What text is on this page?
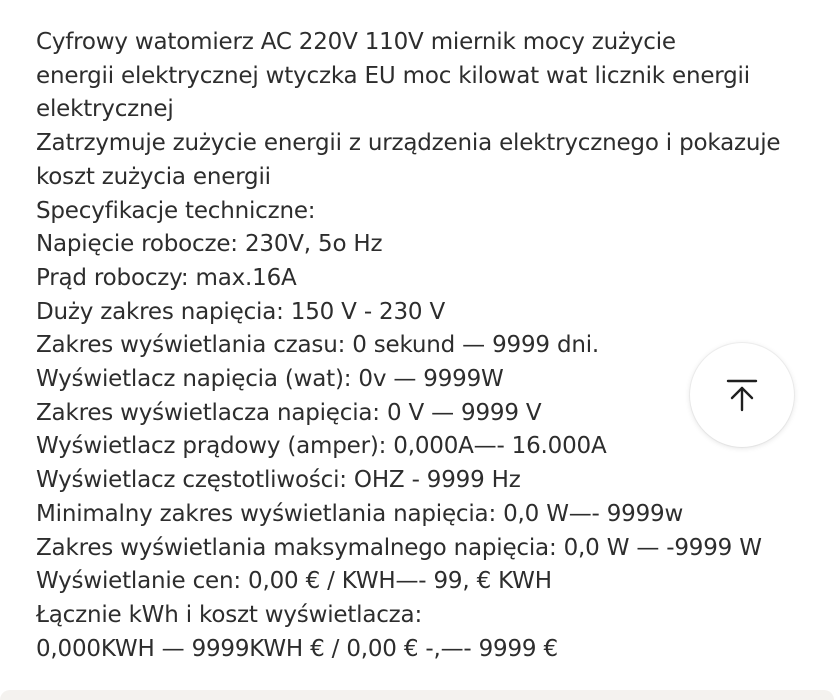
Cyfrowy watomierz AC 220V 110V miernik mocy zużycie
energii elektrycznej wtyczka EU moc kilowat wat licznik energii
elektrycznej
Zatrzymuje zużycie energii z urządzenia elektrycznego i pokazuje
koszt zużycia energii
Specyfikacje techniczne:
Napięcie robocze: 230V, 5o Hz
Prąd roboczy: max.16A
Duży zakres napięcia: 150 V - 230 V
Zakres wyświetlania czasu: 0 sekund — 9999 dni.
Wyświetlacz napięcia (wat): 0v — 9999W
Zakres wyświetlacza napięcia: 0 V — 9999 V
Wyświetlacz prądowy (amper): 0,000A—- 16.000A
Wyświetlacz częstotliwości: OHZ - 9999 Hz
Minimalny zakres wyświetlania napięcia: 0,0 W—- 9999w
Zakres wyświetlania maksymalnego napięcia: 0,0 W — -9999 W
Wyświetlanie cen: 0,00 € / KWH—- 99, € KWH
Łącznie kWh i koszt wyświetlacza:
0,000KWH — 9999KWH € / 0,00 € -,—- 9999 €
